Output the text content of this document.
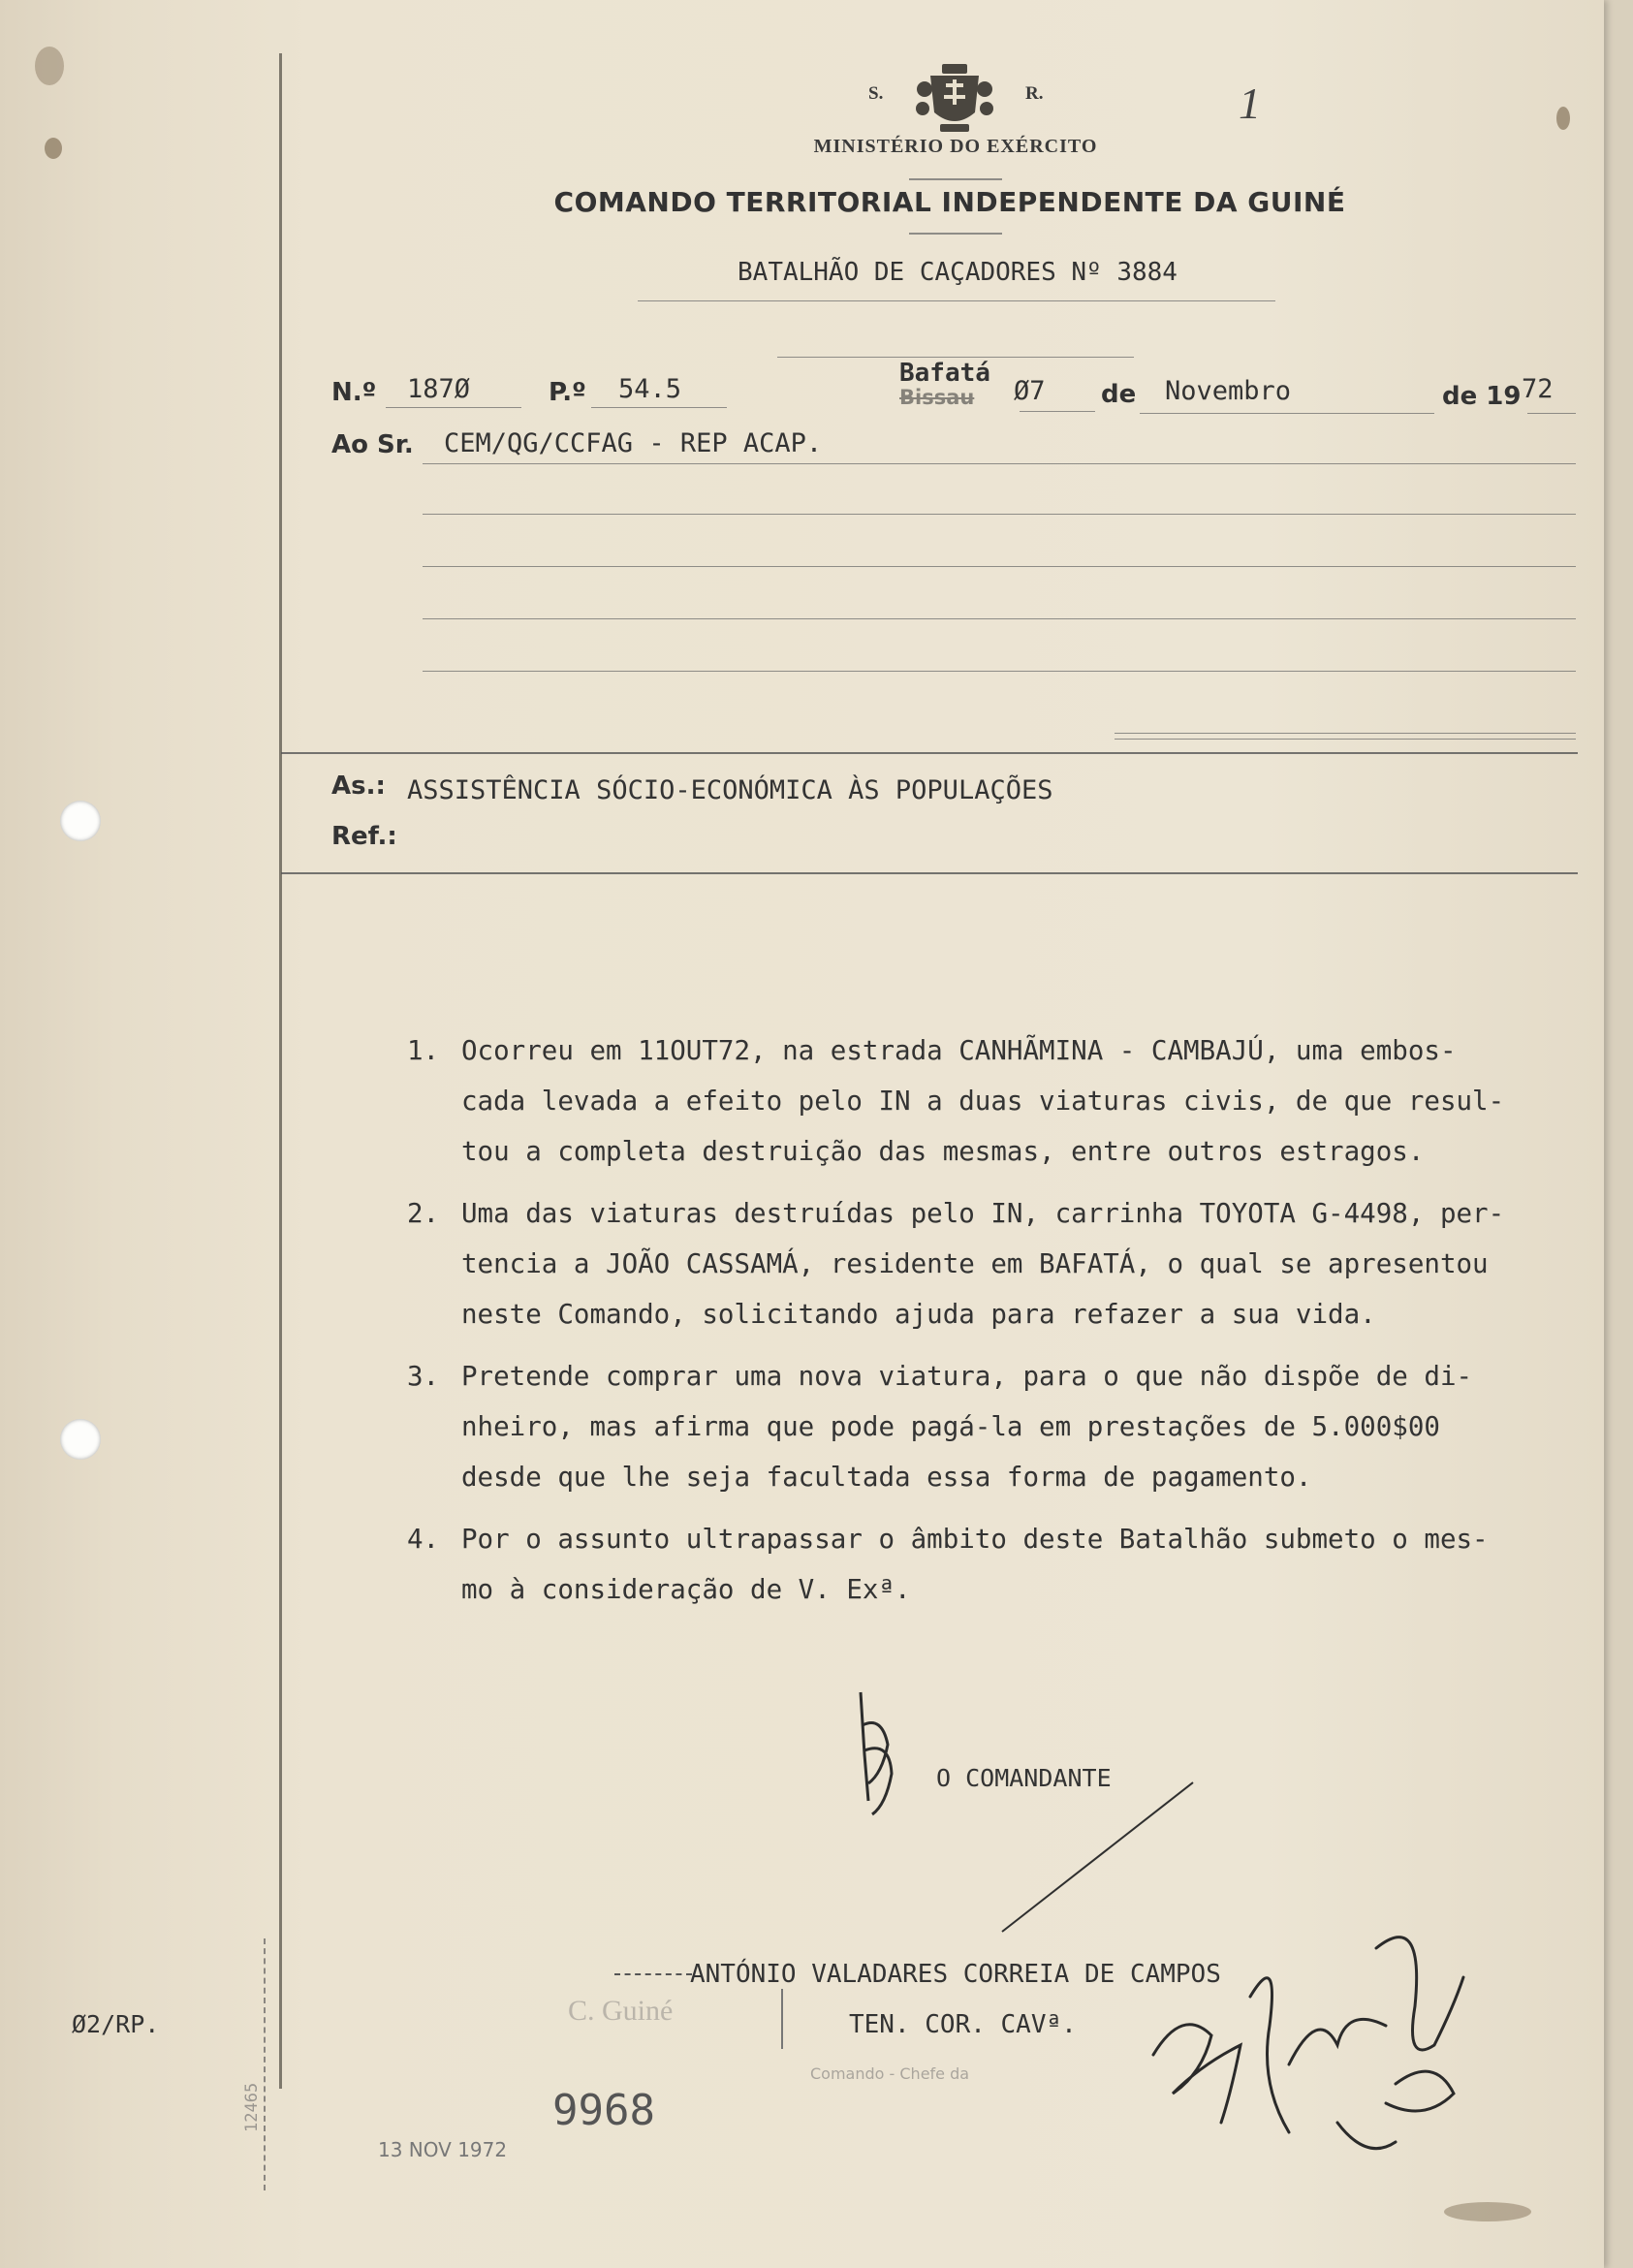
S.	R.	1
MINISTÉRIO DO EXÉRCITO
COMANDO TERRITORIAL INDEPENDENTE DA GUINÉ
BATALHÃO DE CAÇADORES Nº 3884
N.º 187Ø	P.º 54.5
Bafatá
Bissau Ø7 de Novembro	de 19 72
Ao Sr. CEM/QG/CCFAG - REP ACAP.
As.: ASSISTÊNCIA SÓCIO-ECONÓMICA ÀS POPULAÇÕES
Ref.:
1. Ocorreu em 11OUT72, na estrada CANHÃMINA - CAMBAJÚ, uma embos-
cada levada a efeito pelo IN a duas viaturas civis, de que resul-
tou a completa destruição das mesmas, entre outros estragos.
2. Uma das viaturas destruídas pelo IN, carrinha TOYOTA G-4498, per-
tencia a JOÃO CASSAMÁ, residente em BAFATÁ, o qual se apresentou
neste Comando, solicitando ajuda para refazer a sua vida.
3. Pretende comprar uma nova viatura, para o que não dispõe de di-
nheiro, mas afirma que pode pagá-la em prestações de 5.000$00
desde que lhe seja facultada essa forma de pagamento.
4. Por o assunto ultrapassar o âmbito deste Batalhão submeto o mes-
mo à consideração de V. Exª.
O COMANDANTE
ANTÓNIO VALADARES CORREIA DE CAMPOS
TEN. COR. CAVª.
Ø2/RP.
12465
C. Guiné
Comando - Chefe da
9968
13 NOV 1972
